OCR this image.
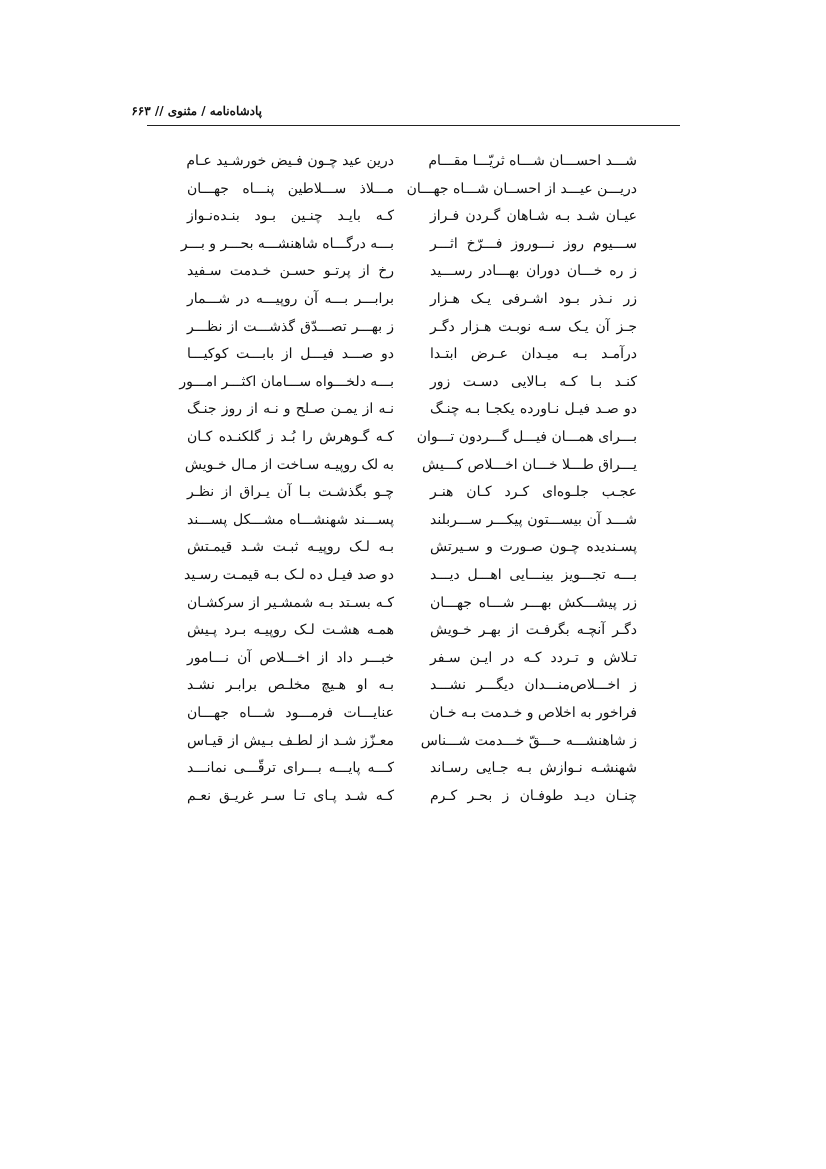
پادشاه‌نامه / مثنوی // ۶۶۳
شـــد احســـان شـــاه ثریّـــا مقـــام
درین عید چـون فـیض خورشـید عـام
دریـــن عیـــد از احســان شـــاه جهـــان
مـــلاذ ســـلاطین پنـــاه جهـــان
عیـان شـد بـه شـاهان گـردن فـراز
کـه بایـد چنـین بـود بنـده‌نـواز
ســـیوم روز نـــوروز فـــرّخ اثـــر
بـــه درگـــاه شاهنشـــه بحـــر و بـــر
ز ره خـــان دوران بهـــادر رســـید
رخ از پرتـو حسـن خـدمت سـفید
زر نـذر بـود اشـرفی یـک هـزار
برابـــر بـــه آن روپیـــه در شـــمار
جـز آن یـک سـه نوبـت هـزار دگـر
ز بهـــر تصـــدّق گذشـــت از نظـــر
درآمـد بـه میـدان عـرض ابتـدا
دو صـــد فیـــل از بابـــت کوکیـــا
کنـد بـا کـه بـالایی دسـت زور
بـــه دلخـــواه ســـامان اکثـــر امـــور
دو صـد فیـل نـاورده یکجـا بـه چنـگ
نـه از یمـن صـلح و نـه از روز جنـگ
بـــرای همـــان فیـــل گـــردون تـــوان
کـه گـوهرش را بُـد ز گلکنـده کـان
یـــراق طـــلا خـــان اخـــلاص کـــیش
به لک روپیـه سـاخت از مـال خـویش
عجـب جلـوه‌ای کـرد کـان هنـر
چـو بگذشـت بـا آن یـراق از نظـر
شـــد آن بیســـتون پیکـــر ســـربلند
پســـند شهنشـــاه مشـــکل پســـند
پسـندیده چـون صـورت و سـیرتش
بـه لـک روپیـه ثبـت شـد قیمـتش
بـــه تجـــویز بینـــایی اهـــل دیـــد
دو صد فیـل ده لـک بـه قیمـت رسـید
زر پیشـــکش بهـــر شـــاه جهـــان
کـه بسـتد بـه شمشـیر از سرکشـان
دگـر آنچـه بگرفـت از بهـر خـویش
همـه هشـت لـک روپیـه بـرد پـیش
تـلاش و تـردد کـه در ایـن سـفر
خبـــر داد از اخـــلاص آن نـــامور
ز اخـــلاص‌منـــدان دیگـــر نشـــد
بـه او هـیچ مخلـص برابـر نشـد
فراخور به اخلاص و خـدمت بـه خـان
عنایـــات فرمـــود شـــاه جهـــان
ز شاهنشـــه حـــقّ خـــدمت شـــناس
معـزّز شـد از لطـف بـیش از قیـاس
شهنشـه نـوازش بـه جـایی رسـاند
کـــه پایـــه بـــرای ترقّـــی نمانـــد
چنـان دیـد طوفـان ز بحـر کـرم
کـه شـد پـای تـا سـر غریـق نعـم
